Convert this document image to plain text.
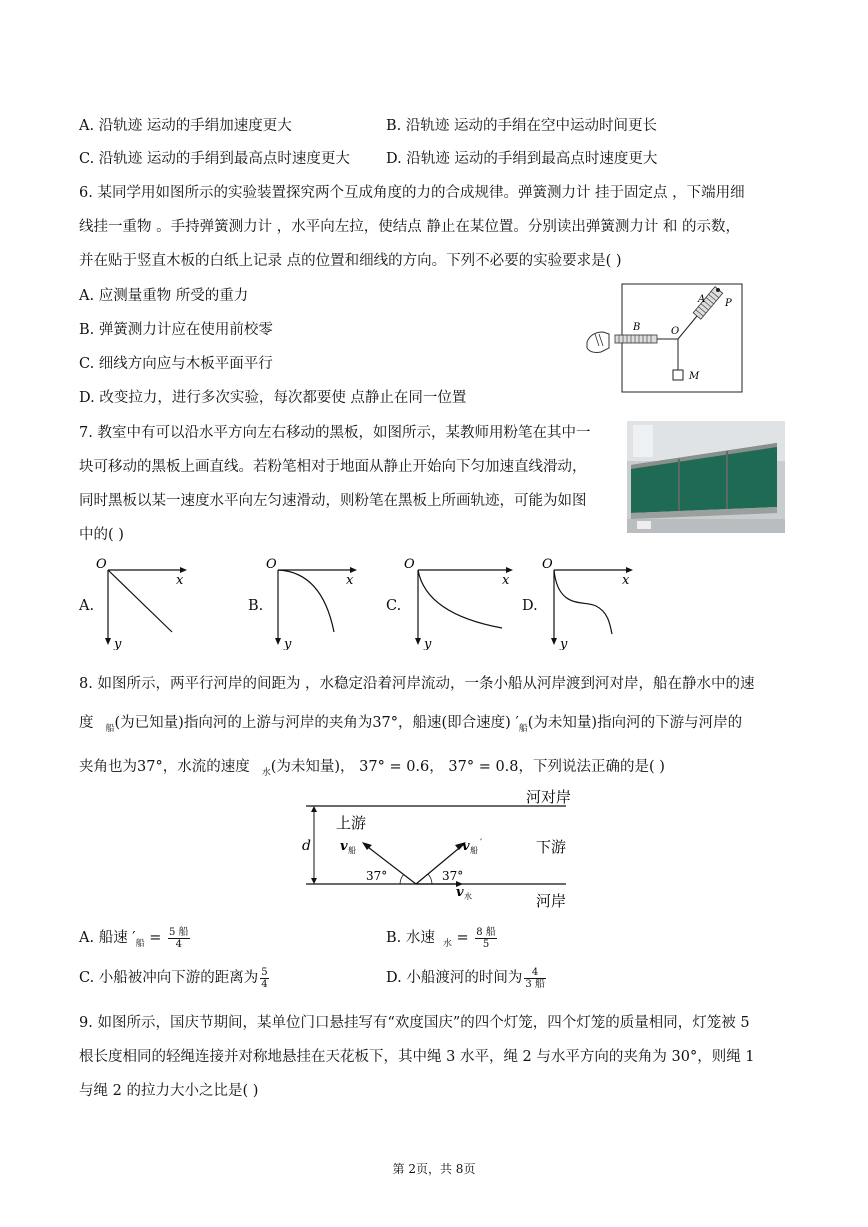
A. 沿轨迹 运动的手绢加速度更大	B. 沿轨迹 运动的手绢在空中运动时间更长
C. 沿轨迹 运动的手绢到最高点时速度更大 D. 沿轨迹 运动的手绢到最高点时速度更大
6. 某同学用如图所示的实验装置探究两个互成角度的力的合成规律。弹簧测力计 挂于固定点 ，下端用细
线挂一重物 。手持弹簧测力计 ，水平向左拉，使结点 静止在某位置。分别读出弹簧测力计 和 的示数，
并在贴于竖直木板的白纸上记录 点的位置和细线的方向。下列不必要的实验要求是( )
A. 应测量重物 所受的重力
B. 弹簧测力计应在使用前校零
C. 细线方向应与木板平面平行
D. 改变拉力，进行多次实验，每次都要使 点静止在同一位置
A P
B	O
M
7. 教室中有可以沿水平方向左右移动的黑板，如图所示，某教师用粉笔在其中一
块可移动的黑板上画直线。若粉笔相对于地面从静止开始向下匀加速直线滑动，
同时黑板以某一速度水平向左匀速滑动，则粉笔在黑板上所画轨迹，可能为如图
中的( )
A.
O
x
y
B.
O
x
y
C.
O
x
y
D.
O
x
y
8. 如图所示，两平行河岸的间距为 ，水稳定沿着河岸流动，一条小船从河岸渡到河对岸，船在静水中的速
度 $_船$(为已知量)指向河的上游与河岸的夹角为37°，船速(即合速度) $'_船$(为未知量)指向河的下游与河岸的
夹角也为37°，水流的速度 $_水$(为未知量)， 37° = 0.6， 37° = 0.8，下列说法正确的是( )
d
上游
河对岸
下游
河岸
37°	37°
v 船	v 船
′
v 水
A. 船速 $'_船 = \frac{\text{5 船}}{4}$	B. 水速 $_水 = \frac{\text{8 船}}{5}$
C. 小船被冲向下游的距离为 $\frac{5}{4}$	D. 小船渡河的时间为 $\frac{4}{\text{3 船}}$
9. 如图所示，国庆节期间，某单位门口悬挂写有“欢度国庆”的四个灯笼，四个灯笼的质量相同，灯笼被 5
根长度相同的轻绳连接并对称地悬挂在天花板下，其中绳 3 水平，绳 2 与水平方向的夹角为 30°，则绳 1
与绳 2 的拉力大小之比是( )
第 2页，共 8页
